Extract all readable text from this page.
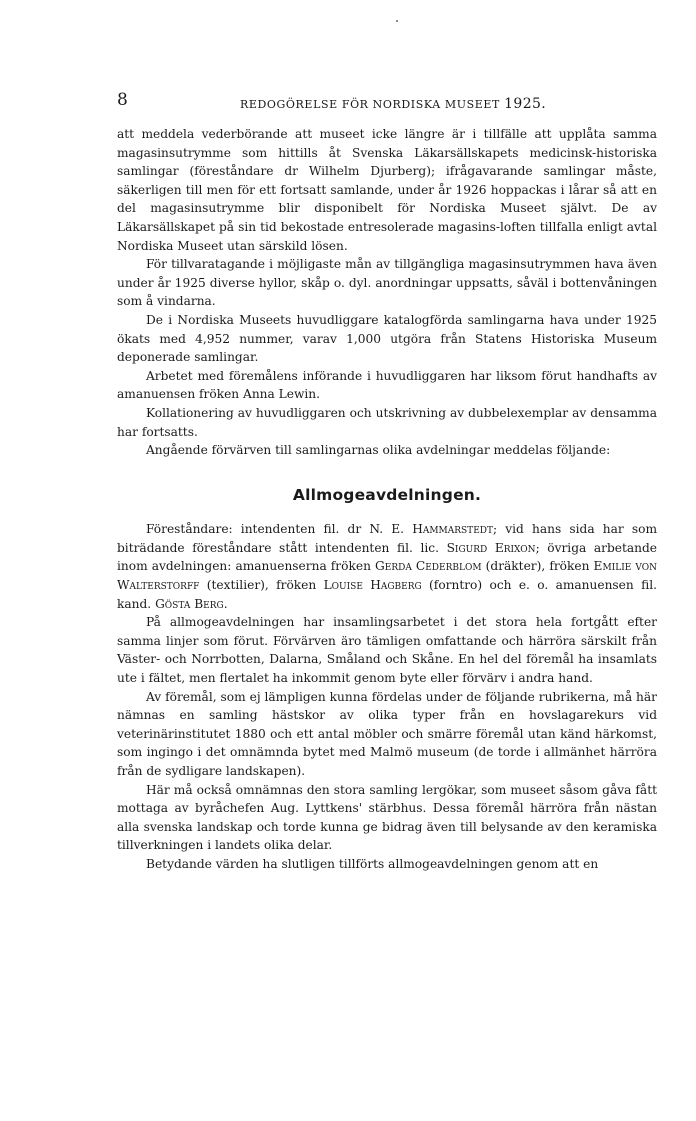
8	REDOGÖRELSE FÖR NORDISKA MUSEET 1925.

att meddela vederbörande att museet icke längre är i tillfälle att upplåta samma magasinsutrymme som hittills åt Svenska Läkarsällskapets medicinsk-historiska samlingar (föreståndare dr Wilhelm Djurberg); ifrågavarande samlingar måste, säkerligen till men för ett fortsatt samlande, under år 1926 hoppackas i lårar så att en del magasinsutrymme blir disponibelt för Nordiska Museet självt. De av Läkarsällskapet på sin tid bekostade entresolerade magasins-loften tillfalla enligt avtal Nordiska Museet utan särskild lösen.

För tillvaratagande i möjligaste mån av tillgängliga magasinsutrymmen hava även under år 1925 diverse hyllor, skåp o. dyl. anordningar uppsatts, såväl i bottenvåningen som å vindarna.

De i Nordiska Museets huvudliggare katalogförda samlingarna hava under 1925 ökats med 4,952 nummer, varav 1,000 utgöra från Statens Historiska Museum deponerade samlingar.

Arbetet med föremålens införande i huvudliggaren har liksom förut handhafts av amanuensen fröken Anna Lewin.

Kollationering av huvudliggaren och utskrivning av dubbelexemplar av densamma har fortsatts.

Angående förvärven till samlingarnas olika avdelningar meddelas följande:

Allmogeavdelningen.

Föreståndare: intendenten fil. dr N. E. Hammarstedt; vid hans sida har som biträdande föreståndare stått intendenten fil. lic. Sigurd Erixon; övriga arbetande inom avdelningen: amanuenserna fröken Gerda Cederblom (dräkter), fröken Emilie von Walterstorff (textilier), fröken Louise Hagberg (forntro) och e. o. amanuensen fil. kand. Gösta Berg.

På allmogeavdelningen har insamlingsarbetet i det stora hela fortgått efter samma linjer som förut. Förvärven äro tämligen omfattande och härröra särskilt från Väster- och Norrbotten, Dalarna, Småland och Skåne. En hel del föremål ha insamlats ute i fältet, men flertalet ha inkommit genom byte eller förvärv i andra hand.

Av föremål, som ej lämpligen kunna fördelas under de följande rubrikerna, må här nämnas en samling hästskor av olika typer från en hovslagarekurs vid veterinärinstitutet 1880 och ett antal möbler och smärre föremål utan känd härkomst, som ingingo i det omnämnda bytet med Malmö museum (de torde i allmänhet härröra från de sydligare landskapen).

Här må också omnämnas den stora samling lergökar, som museet såsom gåva fått mottaga av byråchefen Aug. Lyttkens' stärbhus. Dessa föremål härröra från nästan alla svenska landskap och torde kunna ge bidrag även till belysande av den keramiska tillverkningen i landets olika delar.

Betydande värden ha slutligen tillförts allmogeavdelningen genom att en
